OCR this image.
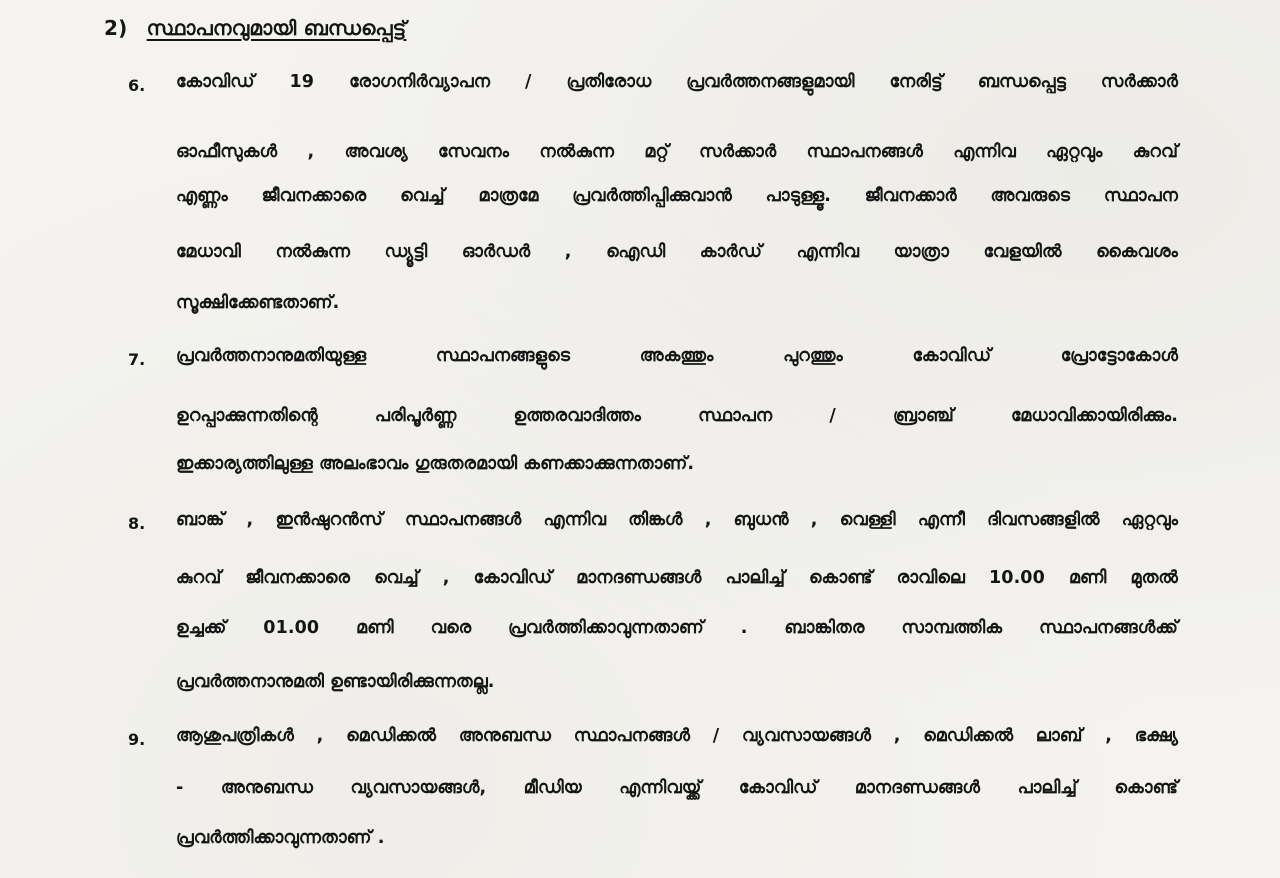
2) സ്ഥാപനവുമായി ബന്ധപ്പെട്ട്
6.	കോവിഡ് 19 രോഗനിർവ്യാപന / പ്രതിരോധ പ്രവർത്തനങ്ങളുമായി നേരിട്ട് ബന്ധപ്പെട്ട സർക്കാർ
ഓഫീസുകൾ , അവശ്യ സേവനം നൽകുന്ന മറ്റ് സർക്കാർ സ്ഥാപനങ്ങൾ എന്നിവ ഏറ്റവും കുറവ്
എണ്ണം ജീവനക്കാരെ വെച്ച് മാത്രമേ പ്രവർത്തിപ്പിക്കുവാൻ പാടുള്ളൂ. ജീവനക്കാർ അവരുടെ സ്ഥാപന
മേധാവി നൽകുന്ന ഡ്യൂട്ടി ഓർഡർ , ഐഡി കാർഡ് എന്നിവ യാത്രാ വേളയിൽ കൈവശം
സൂക്ഷിക്കേണ്ടതാണ്.
7.	പ്രവർത്തനാനുമതിയുള്ള സ്ഥാപനങ്ങളുടെ അകത്തും പുറത്തും കോവിഡ് പ്രോട്ടോകോൾ
ഉറപ്പാക്കുന്നതിന്റെ പരിപൂർണ്ണ ഉത്തരവാദിത്തം സ്ഥാപന / ബ്രാഞ്ച് മേധാവിക്കായിരിക്കും.
ഇക്കാര്യത്തിലുള്ള അലംഭാവം ഗുരുതരമായി കണക്കാക്കുന്നതാണ്.
8.	ബാങ്ക് , ഇൻഷുറൻസ് സ്ഥാപനങ്ങൾ എന്നിവ തിങ്കൾ , ബുധൻ , വെള്ളി എന്നീ ദിവസങ്ങളിൽ ഏറ്റവും
കുറവ് ജീവനക്കാരെ വെച്ച് , കോവിഡ് മാനദണ്ഡങ്ങൾ പാലിച്ച് കൊണ്ട് രാവിലെ 10.00 മണി മുതൽ
ഉച്ചക്ക് 01.00 മണി വരെ പ്രവർത്തിക്കാവുന്നതാണ് . ബാങ്കിതര സാമ്പത്തിക സ്ഥാപനങ്ങൾക്ക്
പ്രവർത്തനാനുമതി ഉണ്ടായിരിക്കുന്നതല്ല.
9.	ആശുപത്രികൾ , മെഡിക്കൽ അനുബന്ധ സ്ഥാപനങ്ങൾ / വ്യവസായങ്ങൾ , മെഡിക്കൽ ലാബ് , ഭക്ഷ്യ
- അനുബന്ധ വ്യവസായങ്ങൾ, മീഡിയ എന്നിവയ്ക്ക് കോവിഡ് മാനദണ്ഡങ്ങൾ പാലിച്ച് കൊണ്ട്
പ്രവർത്തിക്കാവുന്നതാണ് .
